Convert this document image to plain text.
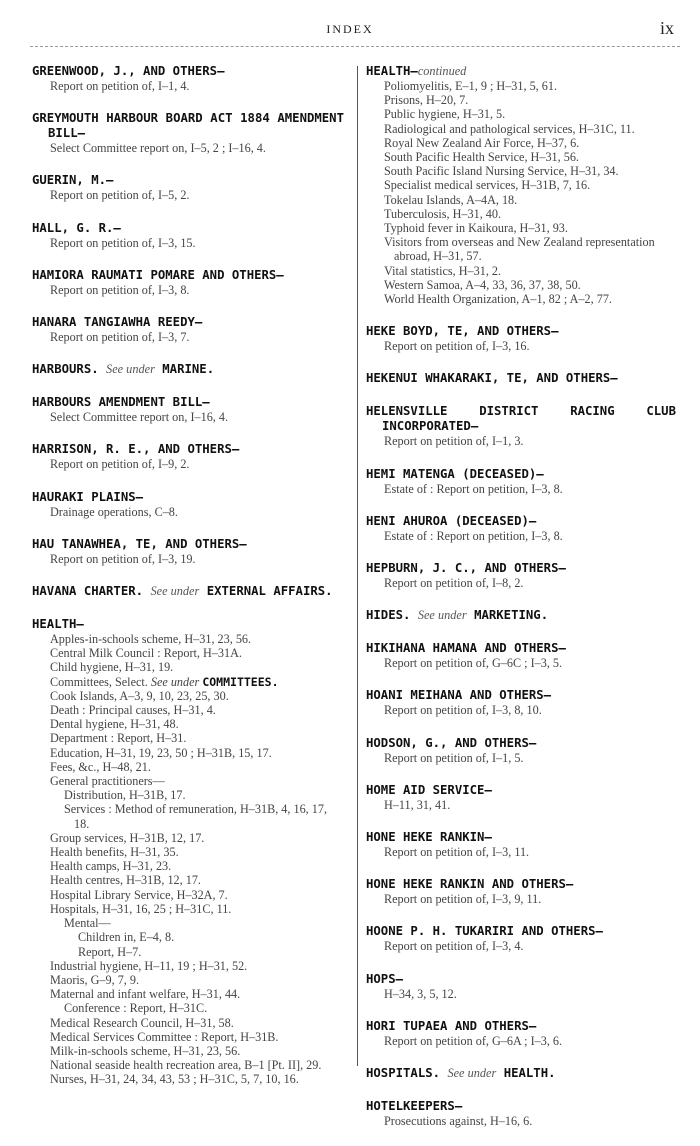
INDEX	ix
GREENWOOD, J., AND OTHERS—
Report on petition of, I–1, 4.
GREYMOUTH HARBOUR BOARD ACT 1884 AMENDMENT BILL—
Select Committee report on, I–5, 2 ; I–16, 4.
GUERIN, M.—
Report on petition of, I–5, 2.
HALL, G. R.—
Report on petition of, I–3, 15.
HAMIORA RAUMATI POMARE AND OTHERS—
Report on petition of, I–3, 8.
HANARA TANGIAWHA REEDY—
Report on petition of, I–3, 7.
HARBOURS. See under MARINE.
HARBOURS AMENDMENT BILL—
Select Committee report on, I–16, 4.
HARRISON, R. E., AND OTHERS—
Report on petition of, I–9, 2.
HAURAKI PLAINS—
Drainage operations, C–8.
HAU TANAWHEA, TE, AND OTHERS—
Report on petition of, I–3, 19.
HAVANA CHARTER. See under EXTERNAL AFFAIRS.
HEALTH—
Apples-in-schools scheme, H–31, 23, 56.
Central Milk Council : Report, H–31A.
Child hygiene, H–31, 19.
Committees, Select. See under COMMITTEES.
Cook Islands, A–3, 9, 10, 23, 25, 30.
Death : Principal causes, H–31, 4.
Dental hygiene, H–31, 48.
Department : Report, H–31.
Education, H–31, 19, 23, 50 ; H–31B, 15, 17.
Fees, &c., H–48, 21.
General practitioners—
Distribution, H–31B, 17.
Services : Method of remuneration, H–31B, 4, 16, 17, 18.
Group services, H–31B, 12, 17.
Health benefits, H–31, 35.
Health camps, H–31, 23.
Health centres, H–31B, 12, 17.
Hospital Library Service, H–32A, 7.
Hospitals, H–31, 16, 25 ; H–31C, 11.
Mental—
Children in, E–4, 8.
Report, H–7.
Industrial hygiene, H–11, 19 ; H–31, 52.
Maoris, G–9, 7, 9.
Maternal and infant welfare, H–31, 44.
Conference : Report, H–31C.
Medical Research Council, H–31, 58.
Medical Services Committee : Report, H–31B.
Milk-in-schools scheme, H–31, 23, 56.
National seaside health recreation area, B–1 [Pt. II], 29.
Nurses, H–31, 24, 34, 43, 53 ; H–31C, 5, 7, 10, 16.
HEALTH—continued
Poliomyelitis, E–1, 9 ; H–31, 5, 61.
Prisons, H–20, 7.
Public hygiene, H–31, 5.
Radiological and pathological services, H–31C, 11.
Royal New Zealand Air Force, H–37, 6.
South Pacific Health Service, H–31, 56.
South Pacific Island Nursing Service, H–31, 34.
Specialist medical services, H–31B, 7, 16.
Tokelau Islands, A–4A, 18.
Tuberculosis, H–31, 40.
Typhoid fever in Kaikoura, H–31, 93.
Visitors from overseas and New Zealand representation abroad, H–31, 57.
Vital statistics, H–31, 2.
Western Samoa, A–4, 33, 36, 37, 38, 50.
World Health Organization, A–1, 82 ; A–2, 77.
HEKE BOYD, TE, AND OTHERS—
Report on petition of, I–3, 16.
HEKENUI WHAKARAKI, TE, AND OTHERS—
HELENSVILLE DISTRICT RACING CLUB INCORPORATED—
Report on petition of, I–1, 3.
HEMI MATENGA (DECEASED)—
Estate of : Report on petition, I–3, 8.
HENI AHUROA (DECEASED)—
Estate of : Report on petition, I–3, 8.
HEPBURN, J. C., AND OTHERS—
Report on petition of, I–8, 2.
HIDES. See under MARKETING.
HIKIHANA HAMANA AND OTHERS—
Report on petition of, G–6C ; I–3, 5.
HOANI MEIHANA AND OTHERS—
Report on petition of, I–3, 8, 10.
HODSON, G., AND OTHERS—
Report on petition of, I–1, 5.
HOME AID SERVICE—
H–11, 31, 41.
HONE HEKE RANKIN—
Report on petition of, I–3, 11.
HONE HEKE RANKIN AND OTHERS—
Report on petition of, I–3, 9, 11.
HOONE P. H. TUKARIRI AND OTHERS—
Report on petition of, I–3, 4.
HOPS—
H–34, 3, 5, 12.
HORI TUPAEA AND OTHERS—
Report on petition of, G–6A ; I–3, 6.
HOSPITALS. See under HEALTH.
HOTELKEEPERS—
Prosecutions against, H–16, 6.
